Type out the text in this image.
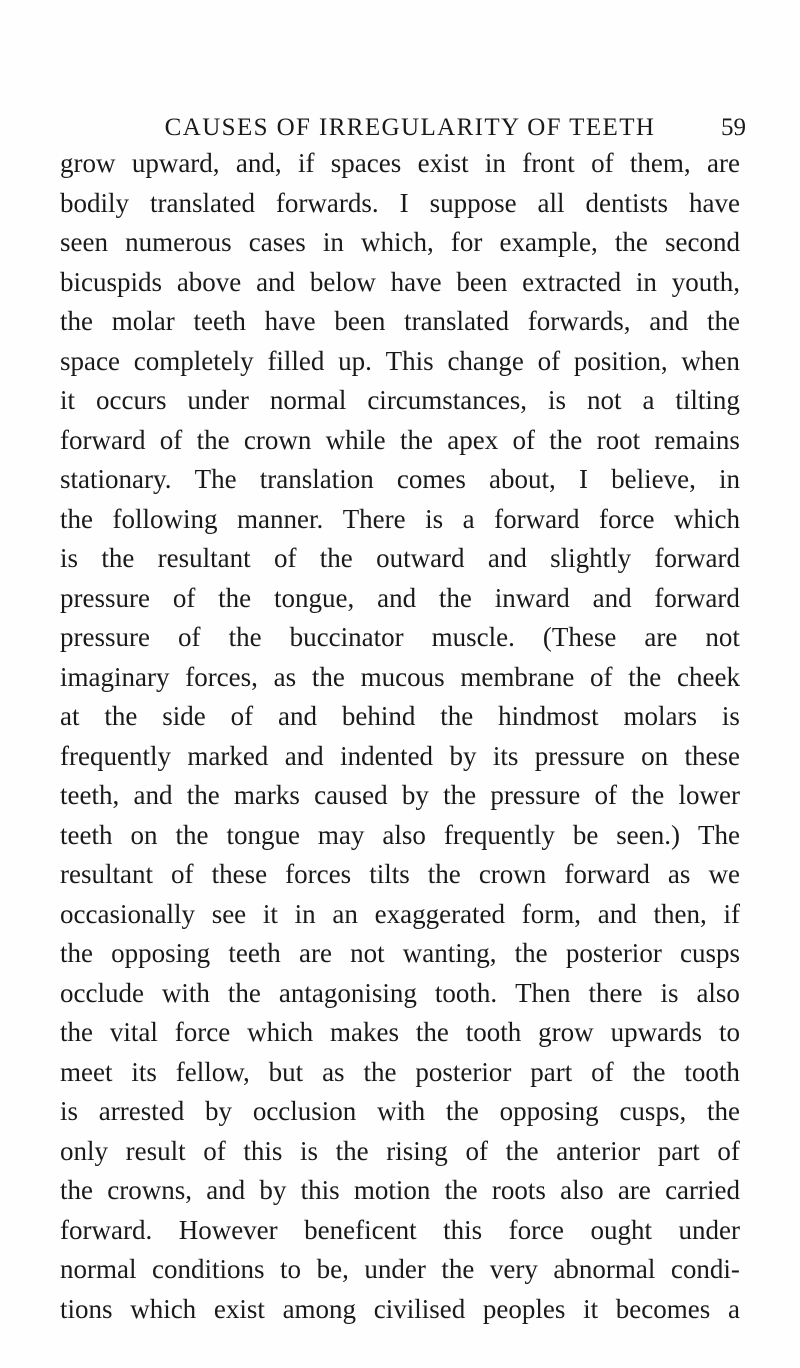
CAUSES OF IRREGULARITY OF TEETH	59
grow upward, and, if spaces exist in front of them, are
bodily translated forwards. I suppose all dentists have
seen numerous cases in which, for example, the second
bicuspids above and below have been extracted in youth,
the molar teeth have been translated forwards, and the
space completely filled up. This change of position, when
it occurs under normal circumstances, is not a tilting
forward of the crown while the apex of the root remains
stationary. The translation comes about, I believe, in
the following manner. There is a forward force which
is the resultant of the outward and slightly forward
pressure of the tongue, and the inward and forward
pressure of the buccinator muscle. (These are not
imaginary forces, as the mucous membrane of the cheek
at the side of and behind the hindmost molars is
frequently marked and indented by its pressure on these
teeth, and the marks caused by the pressure of the lower
teeth on the tongue may also frequently be seen.) The
resultant of these forces tilts the crown forward as we
occasionally see it in an exaggerated form, and then, if
the opposing teeth are not wanting, the posterior cusps
occlude with the antagonising tooth. Then there is also
the vital force which makes the tooth grow upwards to
meet its fellow, but as the posterior part of the tooth
is arrested by occlusion with the opposing cusps, the
only result of this is the rising of the anterior part of
the crowns, and by this motion the roots also are carried
forward. However beneficent this force ought under
normal conditions to be, under the very abnormal condi-
tions which exist among civilised peoples it becomes a
